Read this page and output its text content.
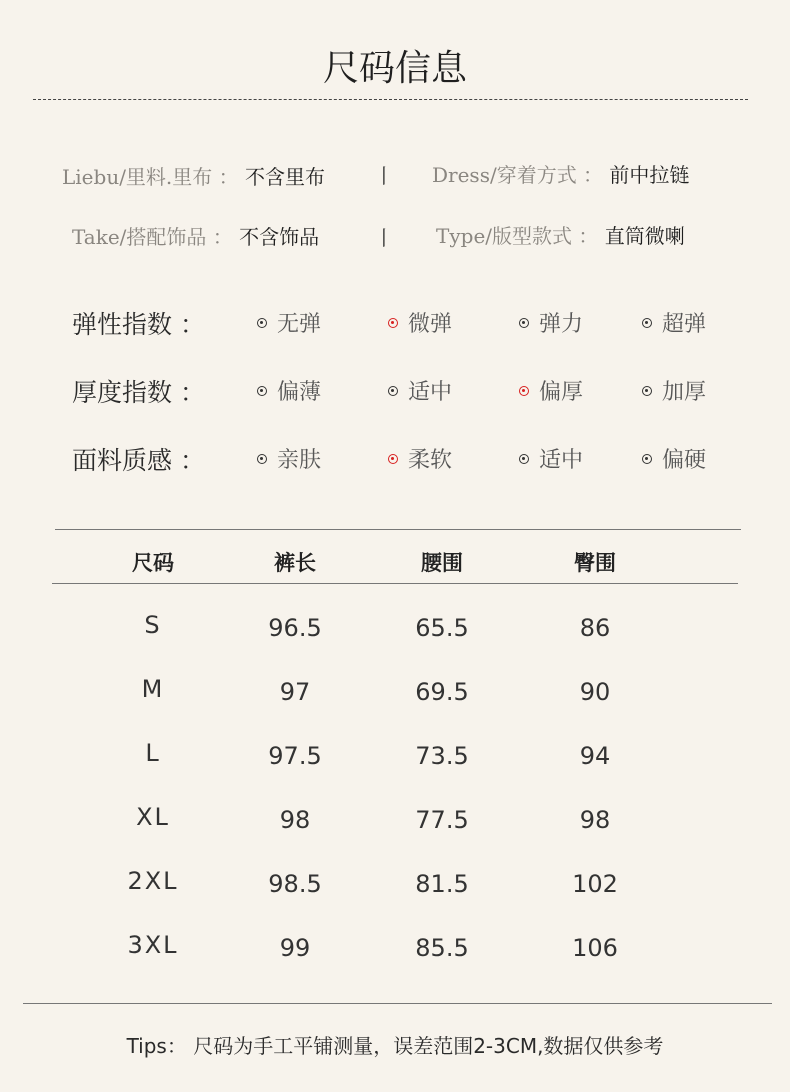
尺码信息
Liebu/里料.里布 ： 不含里布 丨 Dress/穿着方式 ： 前中拉链
Take/搭配饰品 ： 不含饰品	丨 Type/版型款式 ： 直筒微喇
弹性指数 ：	无弹	微弹	弹力	超弹
厚度指数 ：	偏薄	适中	偏厚	加厚
面料质感 ：	亲肤	柔软	适中	偏硬
尺码	裤长	腰围	臀围
S	96.5	65.5	86
M	97	69.5	90
L	97.5	73.5	94
XL	98	77.5	98
2XL	98.5	81.5	102
3XL	99	85.5	106
Tips： 尺码为手工平铺测量，误差范围2-3CM,数据仅供参考
